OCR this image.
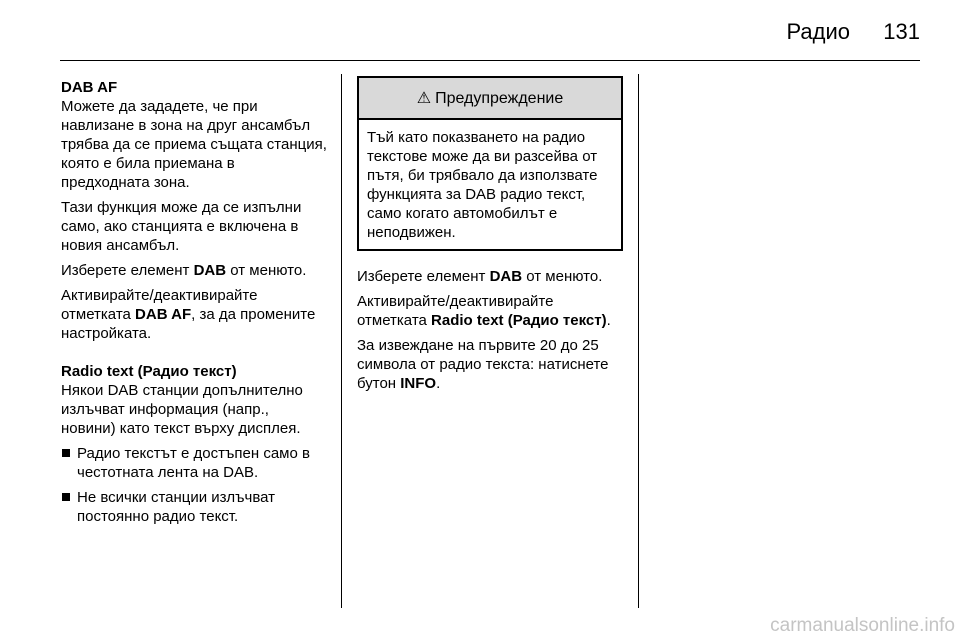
Радио	131
DAB AF

Можете да зададете, че при навлизане в зона на друг ансамбъл трябва да се приема същата станция, която е била приемана в предходната зона.

Тази функция може да се изпълни само, ако станцията е включена в новия ансамбъл.

Изберете елемент DAB от менюто.

Активирайте/деактивирайте отметката DAB AF, за да промените настройката.

Radio text (Радио текст)

Някои DAB станции допълнително излъчват информация (напр., новини) като текст върху дисплея.

Радио текстът е достъпен само в честотната лента на DAB.
Не всички станции излъчват постоянно радио текст.
⚠ Предупреждение
Тъй като показването на радио текстове може да ви разсейва от пътя, би трябвало да използвате функцията за DAB радио текст, само когато автомобилът е неподвижен.

Изберете елемент DAB от менюто.

Активирайте/деактивирайте отметката Radio text (Радио текст).

За извеждане на първите 20 до 25 символа от радио текста: натиснете бутон INFO.

carmanualsonline.info
